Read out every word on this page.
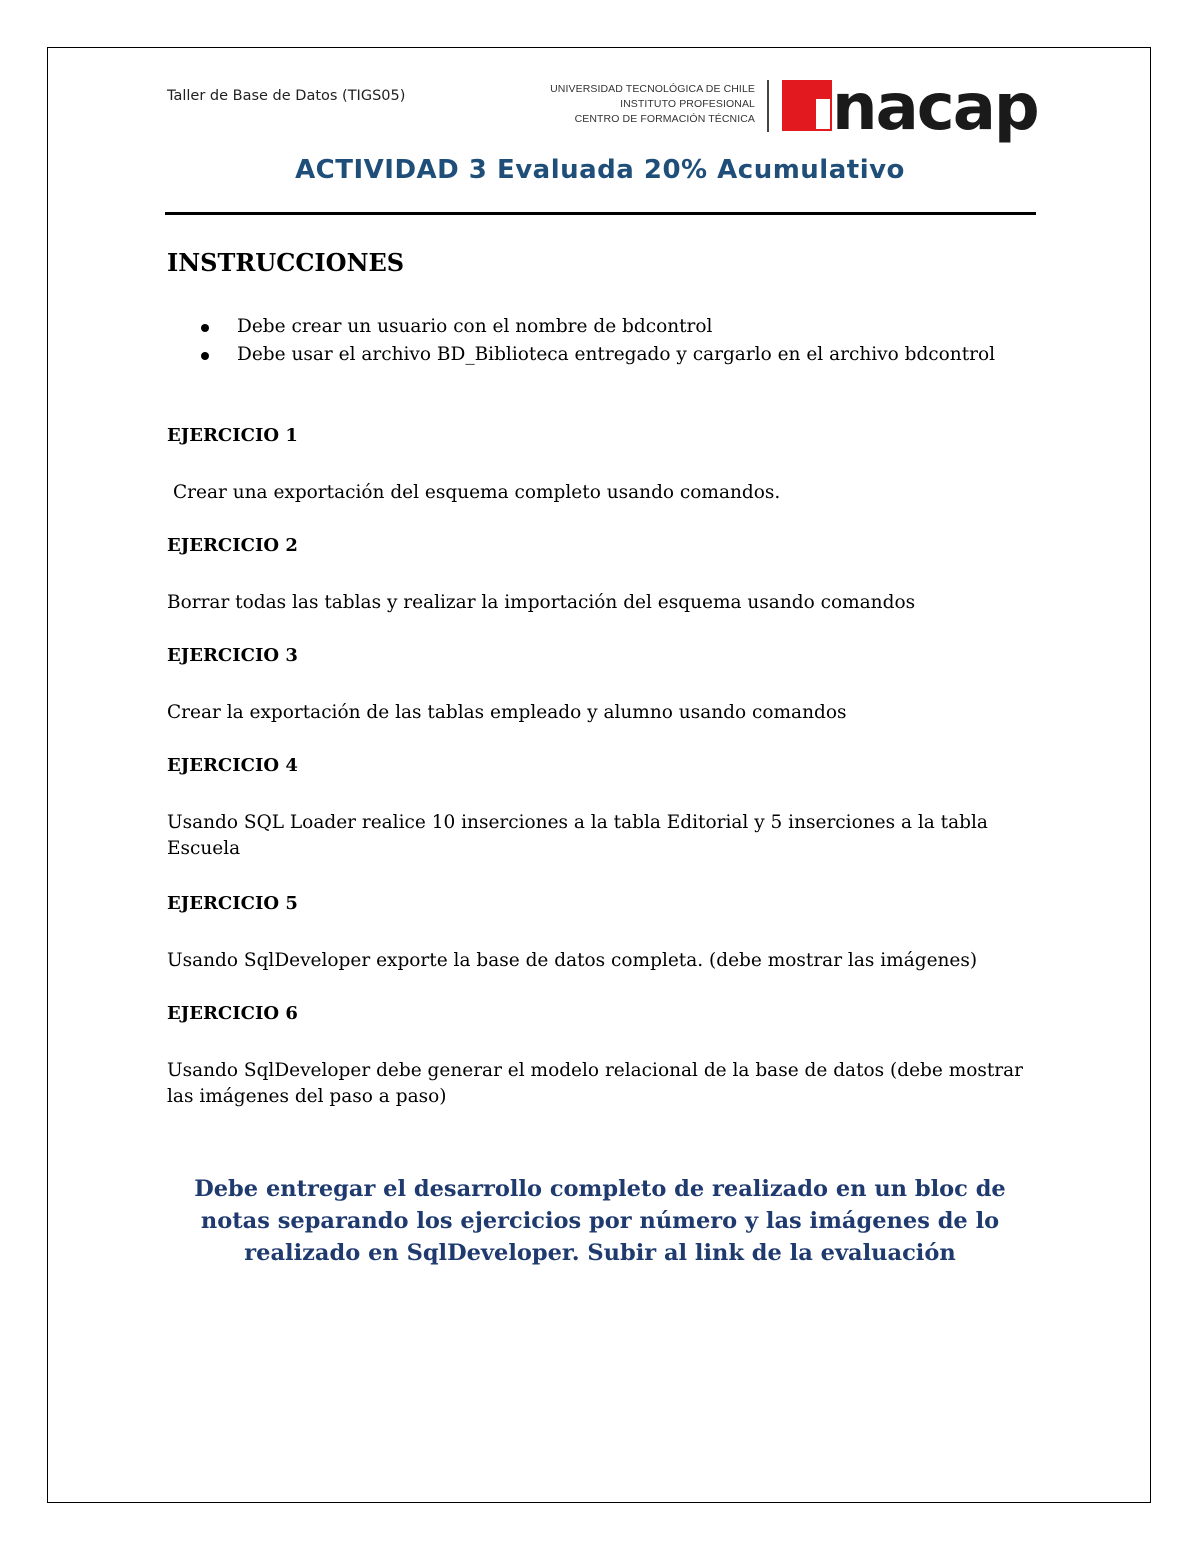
Taller de Base de Datos (TIGS05)	UNIVERSIDAD TECNOLÓGICA DE CHILE
INSTITUTO PROFESIONAL
CENTRO DE FORMACIÓN TÉCNICA nacap
ACTIVIDAD 3 Evaluada 20% Acumulativo
INSTRUCCIONES
Debe crear un usuario con el nombre de bdcontrol
Debe usar el archivo BD_Biblioteca entregado y cargarlo en el archivo bdcontrol
EJERCICIO 1
Crear una exportación del esquema completo usando comandos.
EJERCICIO 2
Borrar todas las tablas y realizar la importación del esquema usando comandos
EJERCICIO 3
Crear la exportación de las tablas empleado y alumno usando comandos
EJERCICIO 4
Usando SQL Loader realice 10 inserciones a la tabla Editorial y 5 inserciones a la tabla Escuela
EJERCICIO 5
Usando SqlDeveloper exporte la base de datos completa. (debe mostrar las imágenes)
EJERCICIO 6
Usando SqlDeveloper debe generar el modelo relacional de la base de datos (debe mostrar las imágenes del paso a paso)
Debe entregar el desarrollo completo de realizado en un bloc de notas separando los ejercicios por número y las imágenes de lo realizado en SqlDeveloper. Subir al link de la evaluación
